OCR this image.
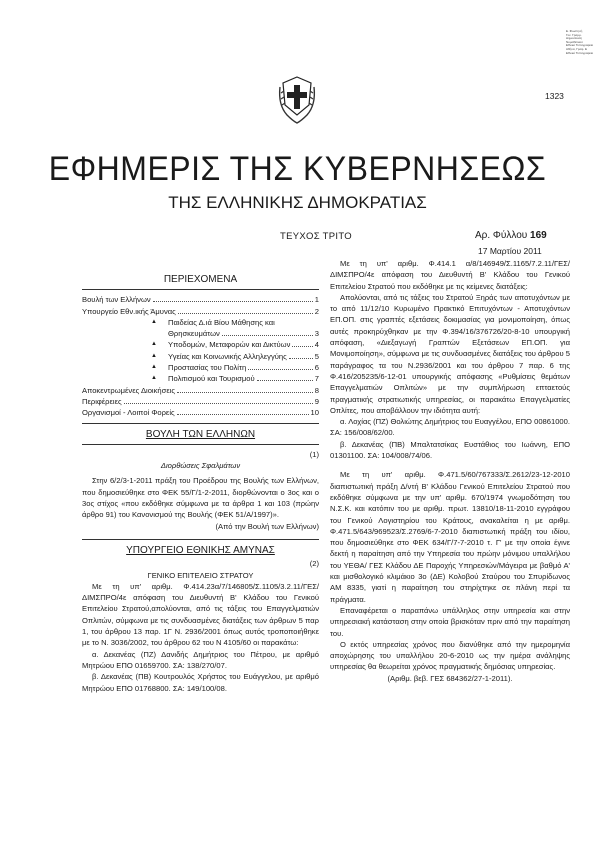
Ε. Φωστηνή
Γεν. Γραμμ.
Δημοσίευση
Νομοθετικού
Εθνικό Τυπογραφείο
Αθήνα, Γραφ. Ε
Εθνικό Τυπογραφείο
1323
ΕΦΗΜΕΡΙΣ ΤΗΣ ΚΥΒΕΡΝΗΣΕΩΣ
ΤΗΣ ΕΛΛΗΝΙΚΗΣ ΔΗΜΟΚΡΑΤΙΑΣ
ΤΕΥΧΟΣ ΤΡΙΤΟ	Αρ. Φύλλου 169
17 Μαρτίου 2011
ΠΕΡΙΕΧΟΜΕΝΑ
Βουλή των Ελλήνων	1
Υπουργείο Εθν.ικής Άμυνας	2
▲	Παιδείας Δ.ιά Βίου Μάθησης και
Θρησκευμάτων	3
▲	Υποδομών, Μεταφορών και Δικτύων	4
▲	Υγείας και Κοινωνικής Αλληλεγγύης	5
▲	Προστασίας του Πολίτη	6
▲	Πολιτισμού και Τουρισμού	7
Αποκεντρωμένες Διοικήσεις	8
Περιφέρειες	9
Οργανισμοί - Λοιποί Φορείς	10
ΒΟΥΛΗ ΤΩΝ ΕΛΛΗΝΩΝ
(1)
Διορθώσεις Σφαλμάτων

Στην 6/2/3-1-2011 πράξη του Προέδρου της Βουλής των Ελλήνων, που δημοσιεύθηκε στο ΦΕΚ 55/Γ/1-2-2011, διορθώνονται ο 3ος και ο 3ος στίχος «που εκδόθηκε σύμφωνα με τα άρθρα 1 και 103 (πρώην άρθρο 91) του Κανονισμού της Βουλής (ΦΕΚ 51/Α/1997)».

(Από την Βουλή των Ελλήνων)

ΥΠΟΥΡΓΕΙΟ ΕΘΝΙΚΗΣ ΑΜΥΝΑΣ
(2)
ΓΕΝΙΚΟ ΕΠΙΤΕΛΕΙΟ ΣΤΡΑΤΟΥ

Με τη υπ' αριθμ. Φ.414.23α/7/146805/Σ.1105/3.2.11/ΓΕΣ/ΔΙΜΣΠΡΟ/4ε απόφαση του Διευθυντή Β' Κλάδου του Γενικού Επιτελείου Στρατού,απολύονται, από τις τάξεις του Επαγγελματιών Οπλιτών, σύμφωνα με τις συνδυασμένες διατάξεις των άρθρων 5 παρ 1, του άρθρου 13 παρ. 1Γ Ν. 2936/2001 όπως αυτός τροποποιήθηκε με το Ν. 3036/2002, του άρθρου 62 του Ν 4105/60 οι παρακάτω:

α. Δεκανέας (ΠΖ) Δανιδής Δημήτριος του Πέτρου, με αριθμό Μητρώου ΕΠΟ 01659700. ΣΑ: 138/270/07.

β. Δεκανέας (ΠΒ) Κουτρουλός Χρήστος του Ευάγγελου, με αριθμό Μητρώου ΕΠΟ 01768800. ΣΑ: 149/100/08.

Με τη υπ' αριθμ. Φ.414.1 α/8/146949/Σ.1165/7.2.11/ΓΕΣ/ΔΙΜΣΠΡΟ/4ε απόφαση του Διευθυντή Β' Κλάδου του Γενικού Επιτελείου Στρατού που εκδόθηκε με τις κείμενες διατάξεις:

Απολύονται, από τις τάξεις του Στρατού Ξηράς των αποτυχόντων με το από 11/12/10 Κυρωμένο Πρακτικό Επιτυχόντων - Αποτυχόντων ΕΠ.ΟΠ. στις γραπτές εξετάσεις δοκιμασίας για μονιμοποίηση, όπως αυτές προκηρύχθηκαν με την Φ.394/16/376726/20-8-10 υπουργική απόφαση, «Διεξαγωγή Γραπτών Εξετάσεων ΕΠ.ΟΠ. για Μονιμοποίηση», σύμφωνα με τις συνδυασμένες διατάξεις του άρθρου 5 παράγραφος τα του Ν.2936/2001 και του άρθρου 7 παρ. 6 της Φ.416/205235/6-12-01 υπουργικής απόφασης «Ρυθμίσεις θεμάτων Επαγγελματιών Οπλιτών» με την συμπλήρωση επταετούς πραγματικής στρατιωτικής υπηρεσίας, οι παρακάτω Επαγγελματίες Οπλίτες, που αποβάλλουν την ιδιότητα αυτή:

α. Λοχίας (ΠΖ) Θολιώτης Δημήτριος του Ευαγγέλου, ΕΠΟ 00861000. ΣΑ: 156/008/62/00.

β. Δεκανέας (ΠΒ) Μπαλτατσίκας Ευστάθιος του Ιωάννη, ΕΠΟ 01301100. ΣΑ: 104/008/74/06.

Με τη υπ' αριθμ. Φ.471.5/60/767333/Σ.2612/23-12-2010 διαπιστωτική πράξη Δ/ντή Β' Κλάδου Γενικού Επιτελείου Στρατού που εκδόθηκε σύμφωνα με την υπ' αριθμ. 670/1974 γνωμοδότηση του Ν.Σ.Κ. και κατόπιν του με αριθμ. πρωτ. 13810/18-11-2010 εγγράφου του Γενικού Λογιστηρίου του Κράτους, ανακαλείται η με αριθμ. Φ.471.5/643/969523/Σ.2769/6-7-2010 διαπιστωτική πράξη του ιδίου, που δημοσιεύθηκε στο ΦΕΚ 634/Γ/7-7-2010 τ. Γ' με την οποία έγινε δεκτή η παραίτηση από την Υπηρεσία του πρώην μόνιμου υπαλλήλου του ΥΕΘΑ/ ΓΕΣ Κλάδου ΔΕ Παροχής Υπηρεσιών/Μάγειρα με βαθμό Α' και μισθολογικό κλιμάκιο 3ο (ΔΕ) Κολοβού Σταύρου του Σπυρίδωνος ΑΜ 8335, γιατί η παραίτηση του στηρίχτηκε σε πλάνη περί τα πράγματα.

Επαναφέρεται ο παραπάνω υπάλληλος στην υπηρεσία και στην υπηρεσιακή κατάσταση στην οποία βρισκόταν πριν από την παραίτηση του.

Ο εκτός υπηρεσίας χρόνος που διανύθηκε από την ημερομηνία αποχώρησης του υπαλλήλου 20-6-2010 ως την ημέρα ανάληψης υπηρεσίας θα θεωρείται χρόνος πραγματικής δημόσιας υπηρεσίας.

(Αριθμ. βεβ. ΓΕΣ 684362/27-1-2011).
